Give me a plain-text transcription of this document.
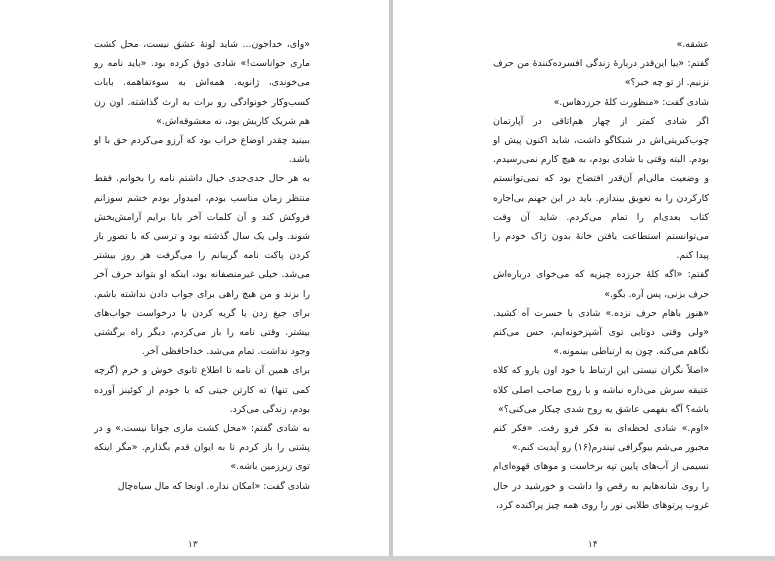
«وای، خداجون... شاید لونهٔ عشق نیست، محل کشت ماری جواناست!» شادی ذوق کرده بود. «باید نامه رو می‌خوندی، ژانویه. همه‌اش به سوءتفاهمه. بابات کسب‌وکار خونوادگی رو برات به ارث گذاشته. اون زن هم شریک کاریش بود، نه معشوقه‌اش.»

ببینید چقدر اوضاع خراب بود که آرزو می‌کردم حق با او باشد.

به هر حال جدی‌جدی خیال داشتم نامه را بخوانم. فقط منتظر زمان مناسب بودم، امیدوار بودم خشم سوزانم فروکش کند و آن کلمات آخر بابا برایم آرامش‌بخش شوند. ولی یک سال گذشته بود و ترسی که با تصور باز کردن پاکت نامه گریبانم را می‌گرفت هر روز بیشتر می‌شد. خیلی غیرمنصفانه بود، اینکه او بتواند حرف آخر را بزند و من هیچ راهی برای جواب دادن نداشته باشم. برای جیغ زدن یا گریه کردن یا درخواست جواب‌های بیشتر. وقتی نامه را باز می‌کردم، دیگر راه برگشتی وجود نداشت. تمام می‌شد. خداحافظی آخر.

برای همین آن نامه تا اطلاع ثانوی خوش و خرم (گرچه کمی تنها) ته کارتن جینی که با خودم از کوئینز آورده بودم، زندگی می‌کرد.

به شادی گفتم: «محل کشت ماری جوانا نیست.» و در پشتی را باز کردم تا به ایوان قدم بگذارم. «مگر اینکه توی زیرزمین باشه.»

شادی گفت: «امکان نداره. اونجا که مال سیاه‌چال

۱۳

عشقه.»

گفتم: «بیا این‌قدر دربارهٔ زندگی افسرده‌کنندهٔ من حرف نزنیم. از تو چه خبر؟»

شادی گفت: «منظورت کلهٔ جرزدهاس.»

اگر شادی کمتر از چهار هم‌اتاقی در آپارتمان چوب‌کبریتی‌اش در شیکاگو داشت، شاید اکنون پیش او بودم. البته وقتی با شادی بودم، به هیچ کارم نمی‌رسیدم. و وضعیت مالی‌ام آن‌قدر افتضاح بود که نمی‌توانستم کارکردن را به تعویق بیندازم. باید در این جهنم بی‌اجاره کتاب بعدی‌ام را تمام می‌کردم. شاید آن وقت می‌توانستم استطاعت یافتن خانهٔ بدون ژاک خودم را پیدا کنم.

گفتم: «اگه کلهٔ جرزده چیزیه که می‌خوای درباره‌اش حرف بزنی، پس آره. بگو.»

«هنوز باهام حرف نزده.» شادی با حسرت آه کشید. «ولی وقتی دوتایی توی آشپزخونه‌ایم، حس می‌کنم نگاهم می‌کنه. چون به ارتباطی بینمونه.»

«اصلاً نگران نیستی این ارتباط با خود اون یارو که کلاه عتیقه سرش می‌ذاره نباشه و با روح صاحب اصلی کلاه باشه؟ آگه بفهمی عاشق یه روح شدی چیکار می‌کنی؟»

«اوم.» شادی لحظه‌ای به فکر فرو رفت. «فکر کنم مجبور می‌شم بیوگرافی تیندرم(۱۶) رو آپدیت کنم.»

نسیمی از آب‌های پایین تپه برخاست و موهای قهوه‌ای‌ام را روی شانه‌هایم به رقص وا داشت و خورشید در حال غروب پرتوهای طلایی نور را روی همه چیز پراکنده کرد،

۱۴
